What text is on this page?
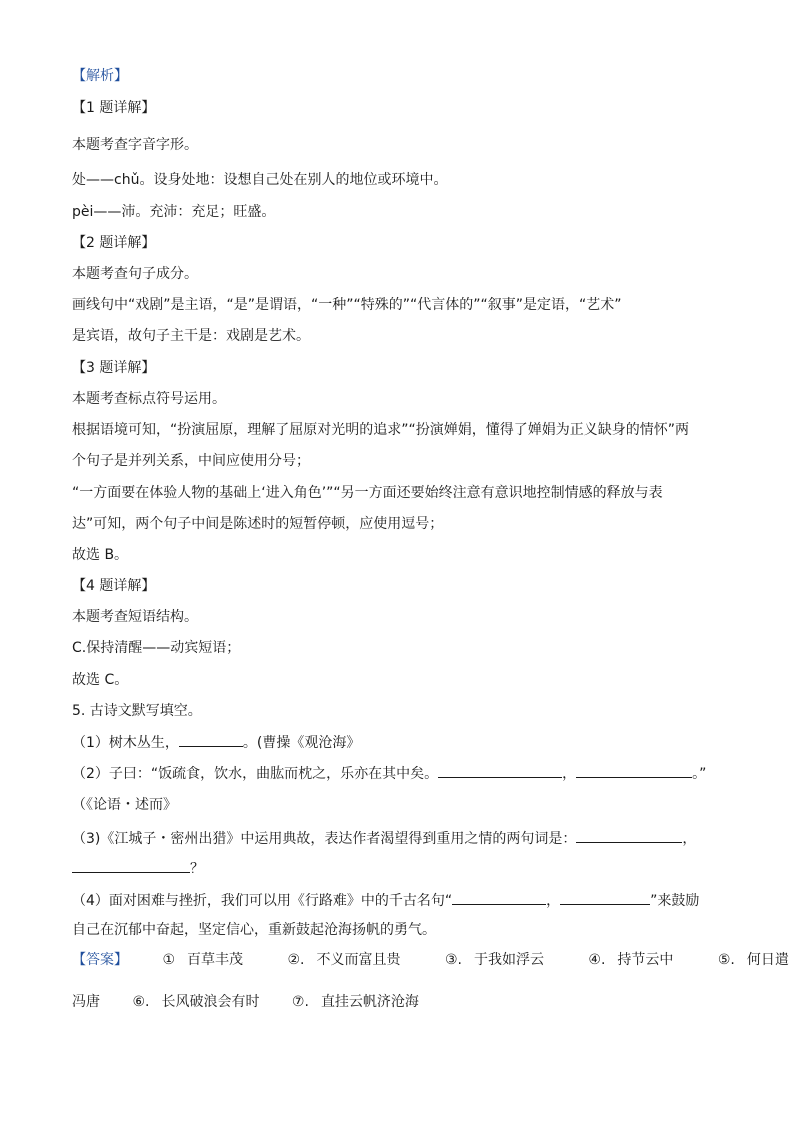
【解析】
【1 题详解】
本题考查字音字形。
处——chǔ。设身处地：设想自己处在别人的地位或环境中。
pèi——沛。充沛：充足；旺盛。
【2 题详解】
本题考查句子成分。
画线句中“戏剧”是主语，“是”是谓语，“一种”“特殊的”“代言体的”“叙事”是定语，“艺术”
是宾语，故句子主干是：戏剧是艺术。
【3 题详解】
本题考查标点符号运用。
根据语境可知，“扮演屈原，理解了屈原对光明的追求”“扮演婵娟，懂得了婵娟为正义缺身的情怀”两
个句子是并列关系，中间应使用分号；
“一方面要在体验人物的基础上‘进入角色’”“另一方面还要始终注意有意识地控制情感的释放与表
达”可知，两个句子中间是陈述时的短暂停顿，应使用逗号；
故选 B。
【4 题详解】
本题考查短语结构。
C.保持清醒——动宾短语；
故选 C。
5. 古诗文默写填空。
（1）树木丛生，	。(曹操《观沧海》
（2）子曰：“饭疏食，饮水，曲肱而枕之，乐亦在其中矣。	，	。”
（《论语・述而》
（3)《江城子・密州出猎》中运用典故，表达作者渴望得到重用之情的两句词是：	，
？
（4）面对困难与挫折，我们可以用《行路难》中的千古名句“	，	”来鼓励
自己在沉郁中奋起，坚定信心，重新鼓起沧海扬帆的勇气。
【答案】 ① 百草丰茂	②. 不义而富且贵	③. 于我如浮云	④. 持节云中	⑤. 何日遣
冯唐 ⑥. 长风破浪会有时 ⑦. 直挂云帆济沧海
